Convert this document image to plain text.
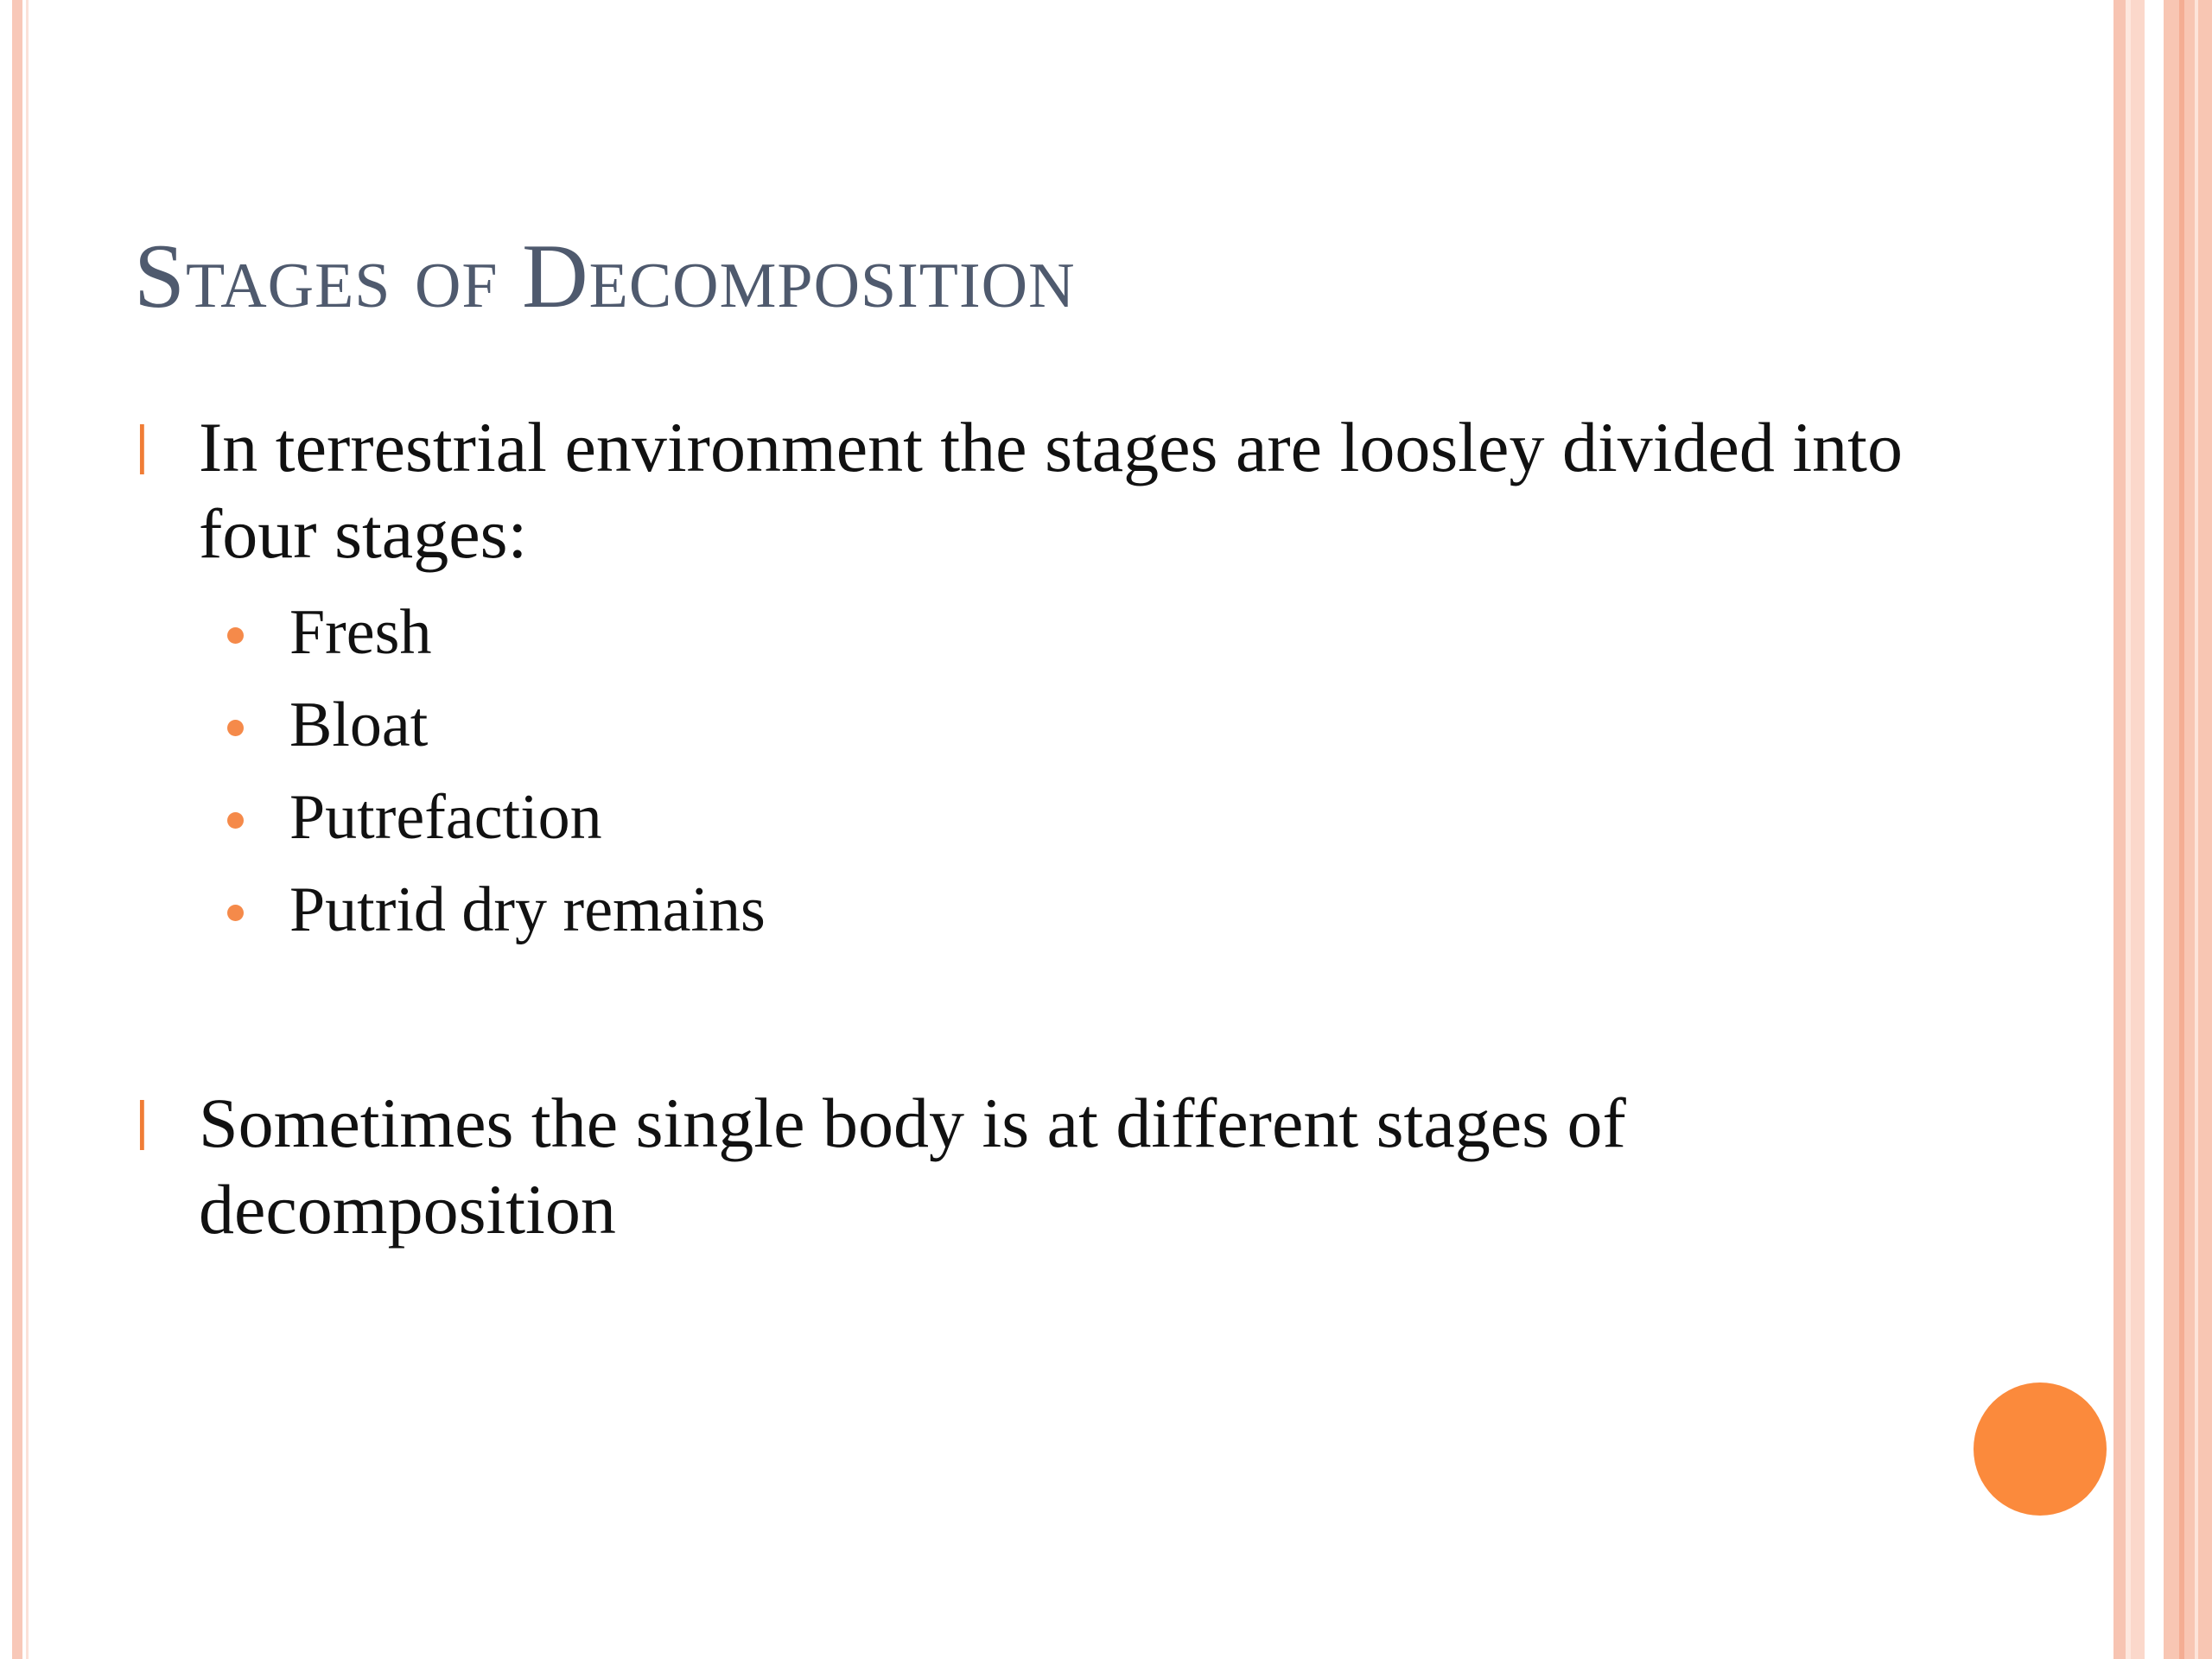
Stages of Decomposition
❘ In terrestrial environment the stages are loosley divided into four stages:
Fresh
Bloat
Putrefaction
Putrid dry remains
❘ Sometimes the single body is at different stages of decomposition
